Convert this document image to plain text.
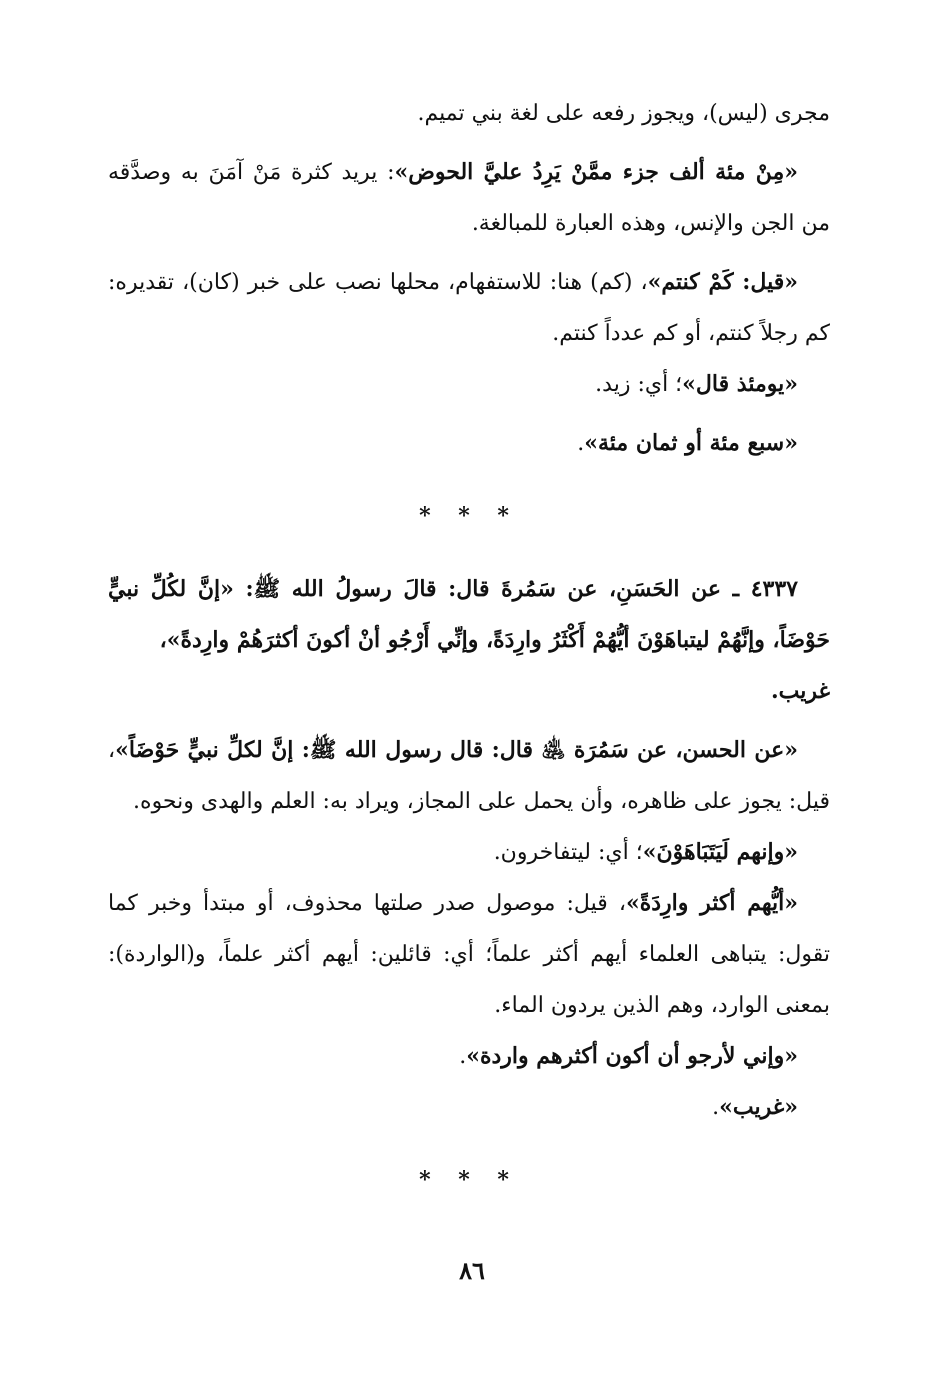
مجرى (ليس)، ويجوز رفعه على لغة بني تميم.

«مِنْ مئة ألف جزء ممَّنْ يَرِدُ عليَّ الحوض»: يريد كثرة مَنْ آمَنَ به وصدَّقه من الجن والإنس، وهذه العبارة للمبالغة.

«قيل: كَمْ كنتم»، (كم) هنا: للاستفهام، محلها نصب على خبر (كان)، تقديره: كم رجلاً كنتم، أو كم عدداً كنتم.

«يومئذ قال»؛ أي: زيد.

«سبع مئة أو ثمان مئة».

* * *

٤٣٣٧ ـ عن الحَسَنِ، عن سَمُرةَ قال: قالَ رسولُ الله ﷺ: «إنَّ لكُلِّ نبيٍّ حَوْضَاً، وإنَّهُمْ ليتباهَوْنَ أيُّهُمْ أَكْثَرُ وارِدَةً، وإنِّي أَرْجُو أنْ أكونَ أكثرَهُمْ وارِدةً»،

غريب.

«عن الحسن، عن سَمُرَة ﵁ قال: قال رسول الله ﷺ: إنَّ لكلِّ نبيٍّ حَوْضَاً»، قيل: يجوز على ظاهره، وأن يحمل على المجاز، ويراد به: العلم والهدى ونحوه.

«وإنهم لَيَتَبَاهَوْنَ»؛ أي: ليتفاخرون.

«أيُّهم أكثر وارِدَةً»، قيل: موصول صدر صلتها محذوف، أو مبتدأ وخبر كما تقول: يتباهى العلماء أيهم أكثر علماً؛ أي: قائلين: أيهم أكثر علماً، و(الواردة): بمعنى الوارد، وهم الذين يردون الماء.

«وإني لأرجو أن أكون أكثرهم واردة».

«غريب».

* * *
٨٦
